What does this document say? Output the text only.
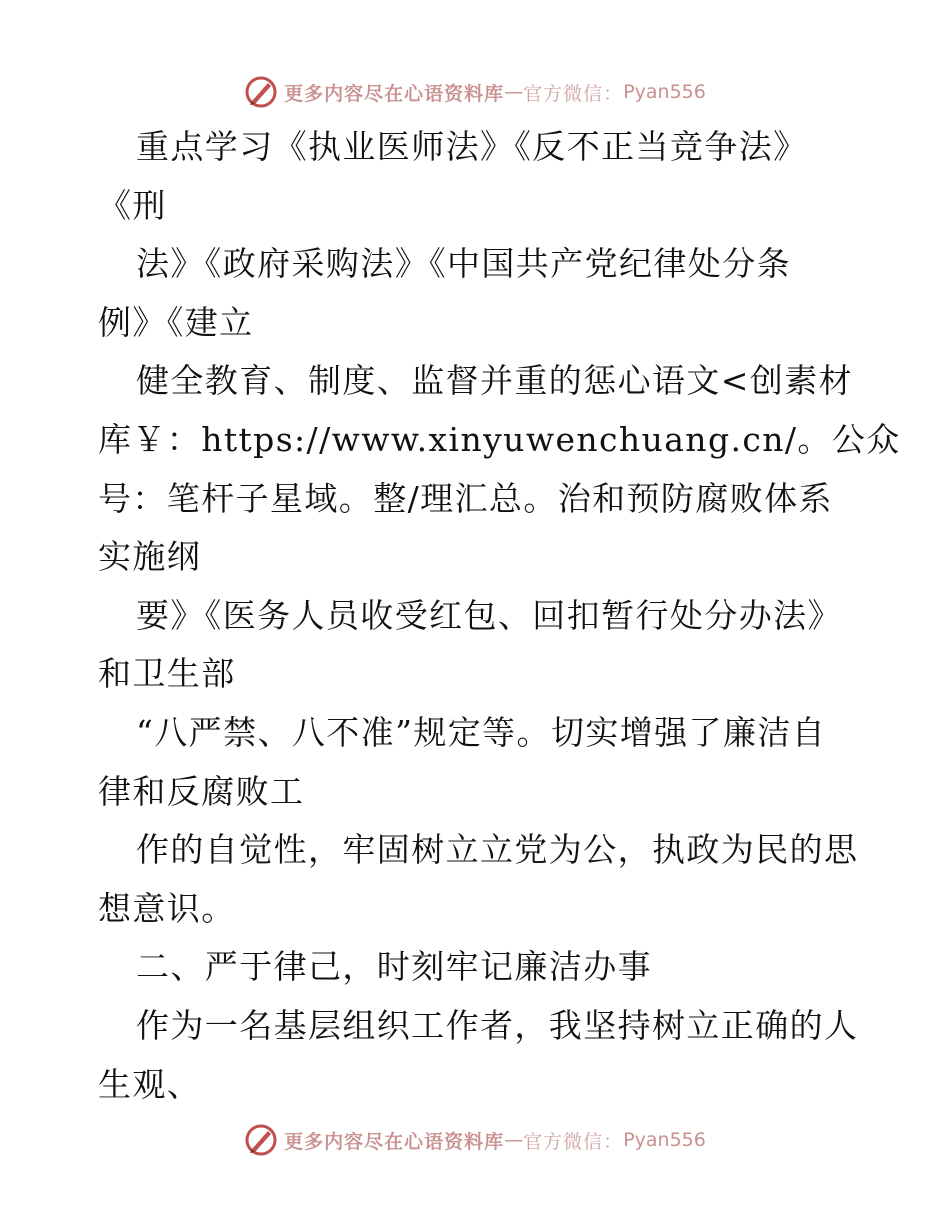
更多内容尽在心语资料库 — 官方微信： Pyan556
重点学习《执业医师法》《反不正当竞争法》
《刑
法》《政府采购法》《中国共产党纪律处分条
例》《建立
健全教育、制度、监督并重的惩心语文<创素材
库￥：https://www.xinyuwenchuang.cn/。公众
号：笔杆子星域。整/理汇总。治和预防腐败体系
实施纲
要》《医务人员收受红包、回扣暂行处分办法》
和卫生部
“八严禁、八不准”规定等。切实增强了廉洁自
律和反腐败工
作的自觉性，牢固树立立党为公，执政为民的思
想意识。
二、严于律己，时刻牢记廉洁办事
作为一名基层组织工作者，我坚持树立正确的人
生观、
更多内容尽在心语资料库 — 官方微信： Pyan556
